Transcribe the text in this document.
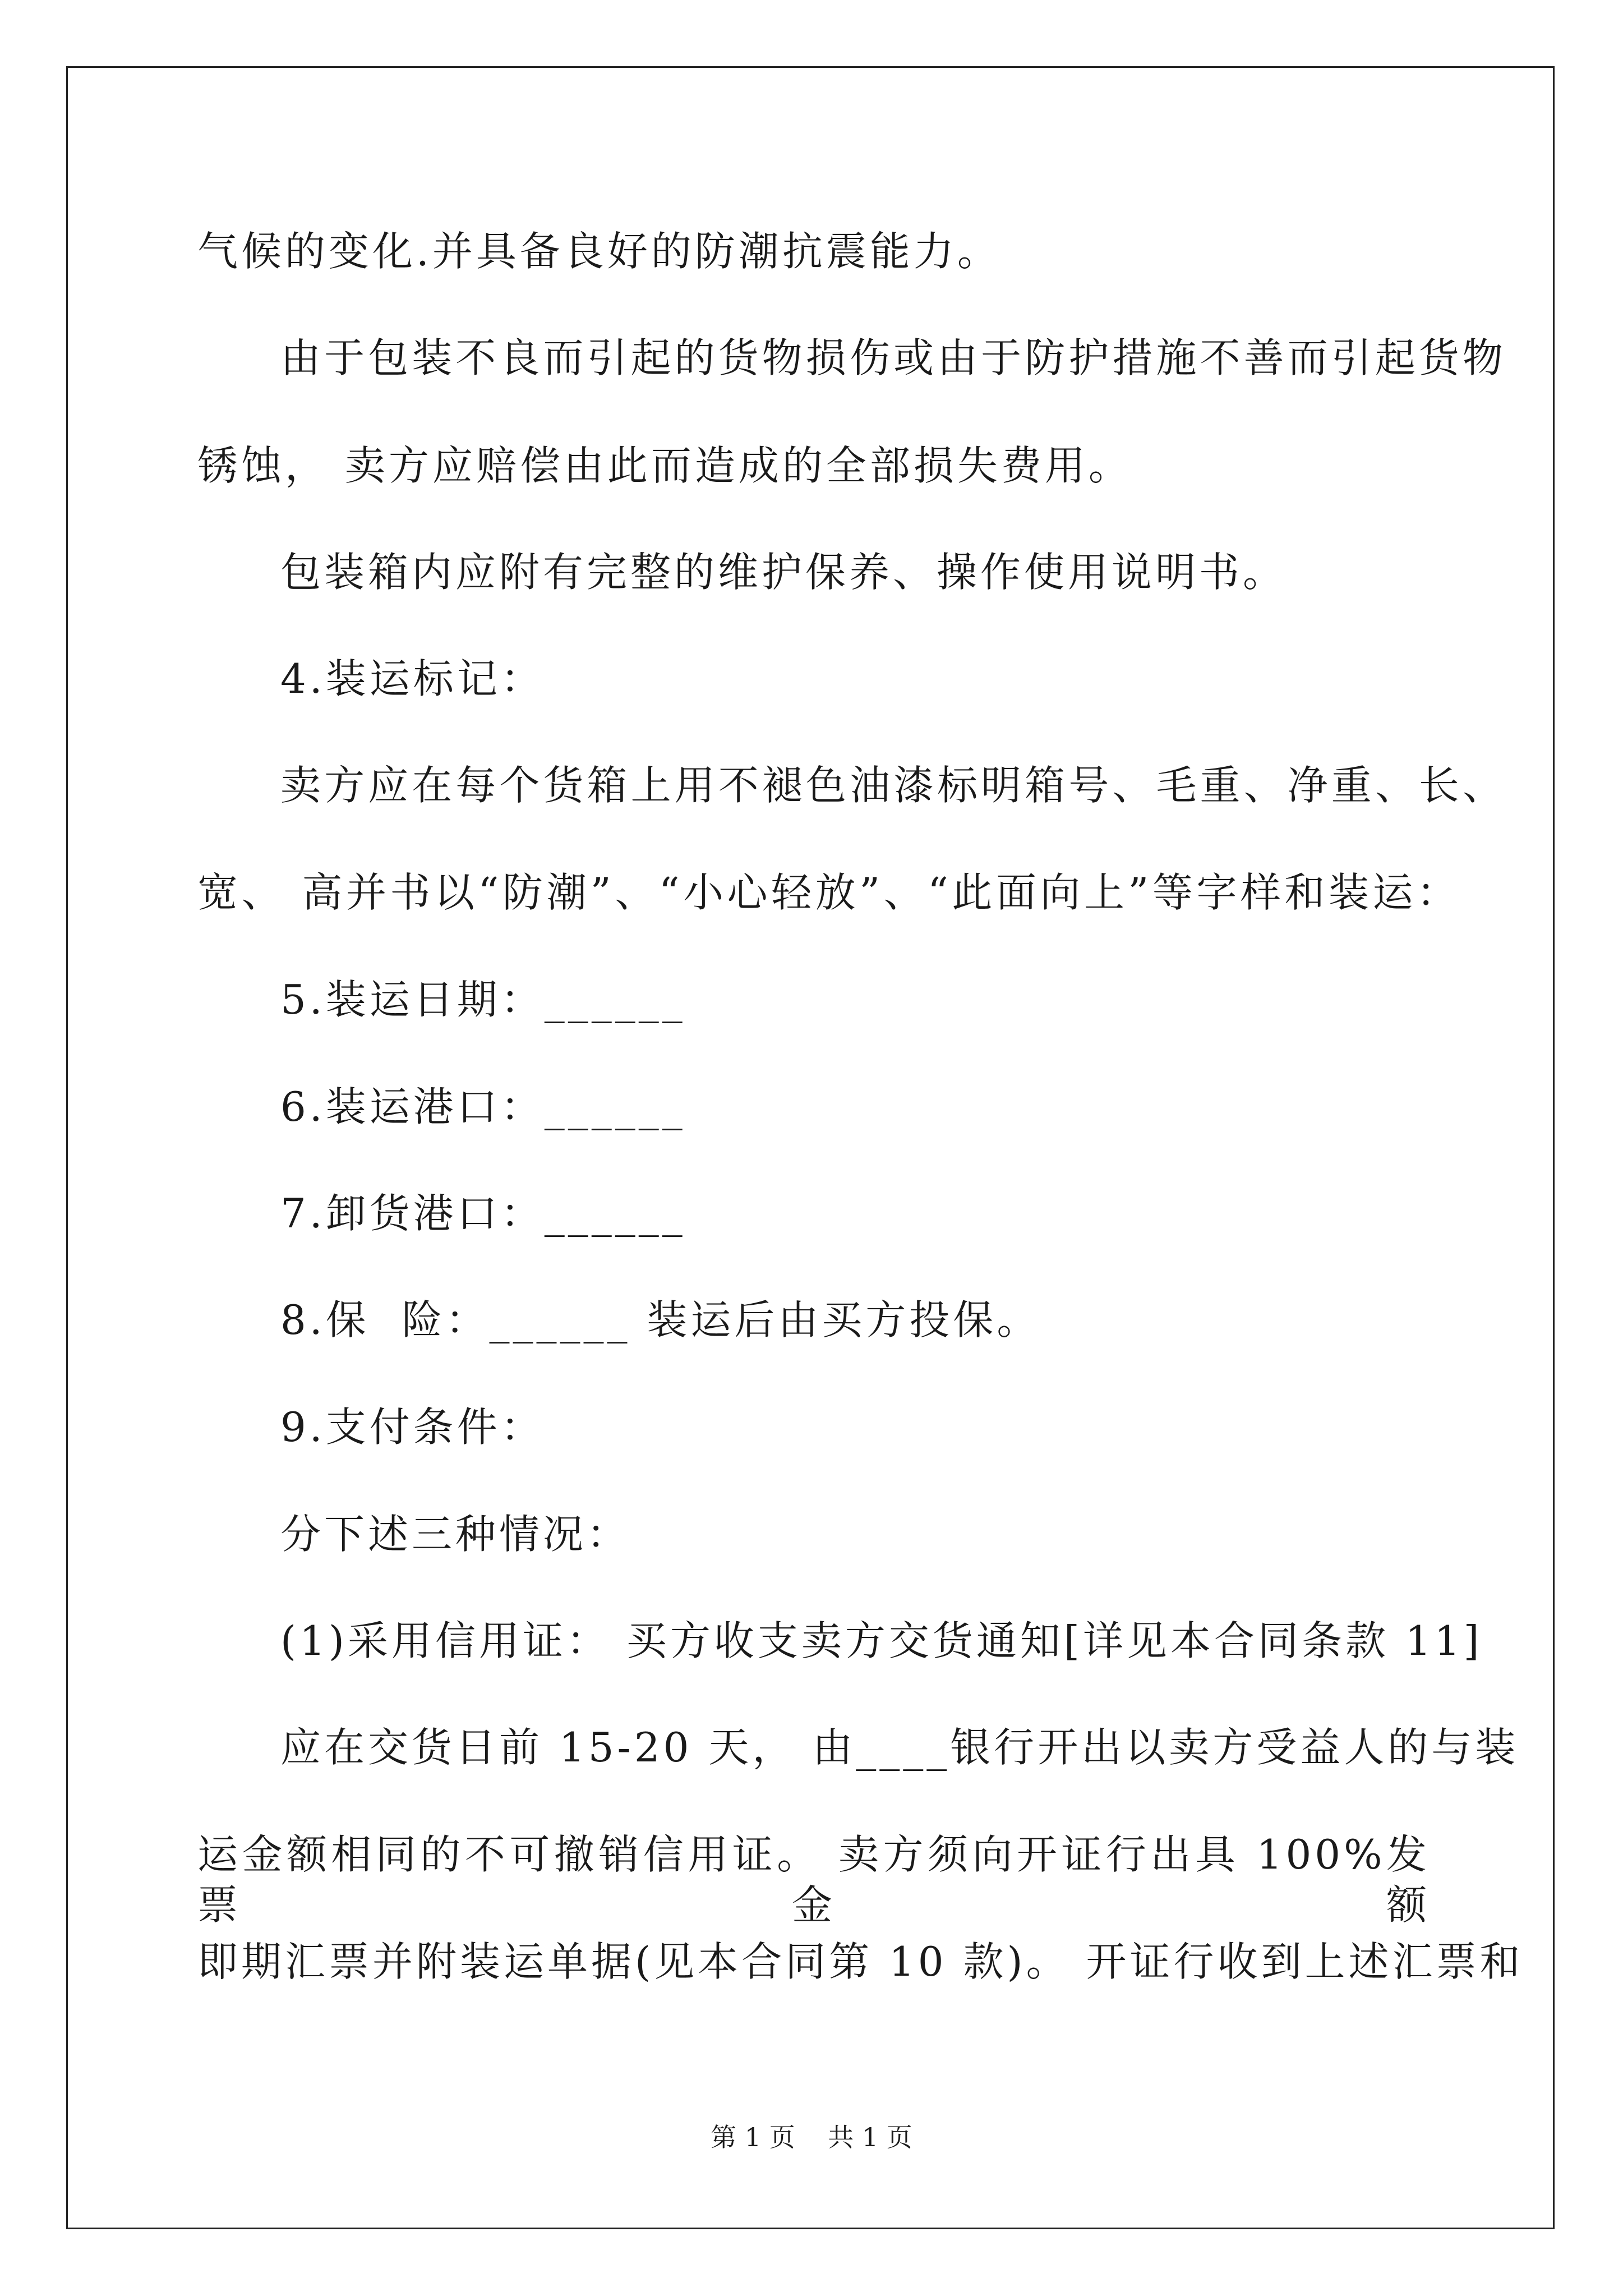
气候的变化.并具备良好的防潮抗震能力。
由于包装不良而引起的货物损伤或由于防护措施不善而引起货物
锈蚀， 卖方应赔偿由此而造成的全部损失费用。
包装箱内应附有完整的维护保养、操作使用说明书。
4.装运标记：
卖方应在每个货箱上用不褪色油漆标明箱号、毛重、净重、长、
宽、 高并书以“防潮”、“小心轻放”、“此面向上”等字样和装运：
5.装运日期：______
6.装运港口：______
7.卸货港口：______
8.保  险：______ 装运后由买方投保。
9.支付条件：
分下述三种情况：
(1)采用信用证： 买方收支卖方交货通知[详见本合同条款 11]
应在交货日前 15-20 天， 由____银行开出以卖方受益人的与装
运金额相同的不可撤销信用证。 卖方须向开证行出具 100%发票金额
即期汇票并附装运单据(见本合同第 10 款)。 开证行收到上述汇票和
第 1 页    共 1 页
